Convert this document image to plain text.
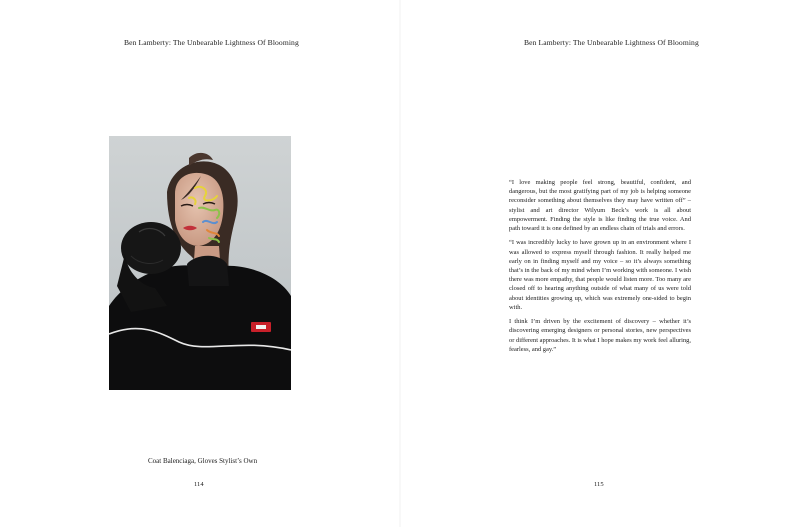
Ben Lamberty: The Unbearable Lightness Of Blooming
Coat Balenciaga, Gloves Stylist’s Own
114
Ben Lamberty: The Unbearable Lightness Of Blooming

“I love making people feel strong, beautiful, confident, and dangerous, but the most gratifying part of my job is helping someone reconsider something about themselves they may have written off” – stylist and art director Wilyum Beck’s work is all about empowerment. Finding the style is like finding the true voice. And path toward it is one defined by an endless chain of trials and errors.

“I was incredibly lucky to have grown up in an environment where I was allowed to express myself through fashion. It really helped me early on in finding myself and my voice – so it’s always something that’s in the back of my mind when I’m working with someone. I wish there was more empathy, that people would listen more. Too many are closed off to hearing anything outside of what many of us were told about identities growing up, which was extremely one-sided to begin with.

I think I’m driven by the excitement of discovery – whether it’s discovering emerging designers or personal stories, new perspectives or different approaches. It is what I hope makes my work feel alluring, fearless, and gay.”

115
